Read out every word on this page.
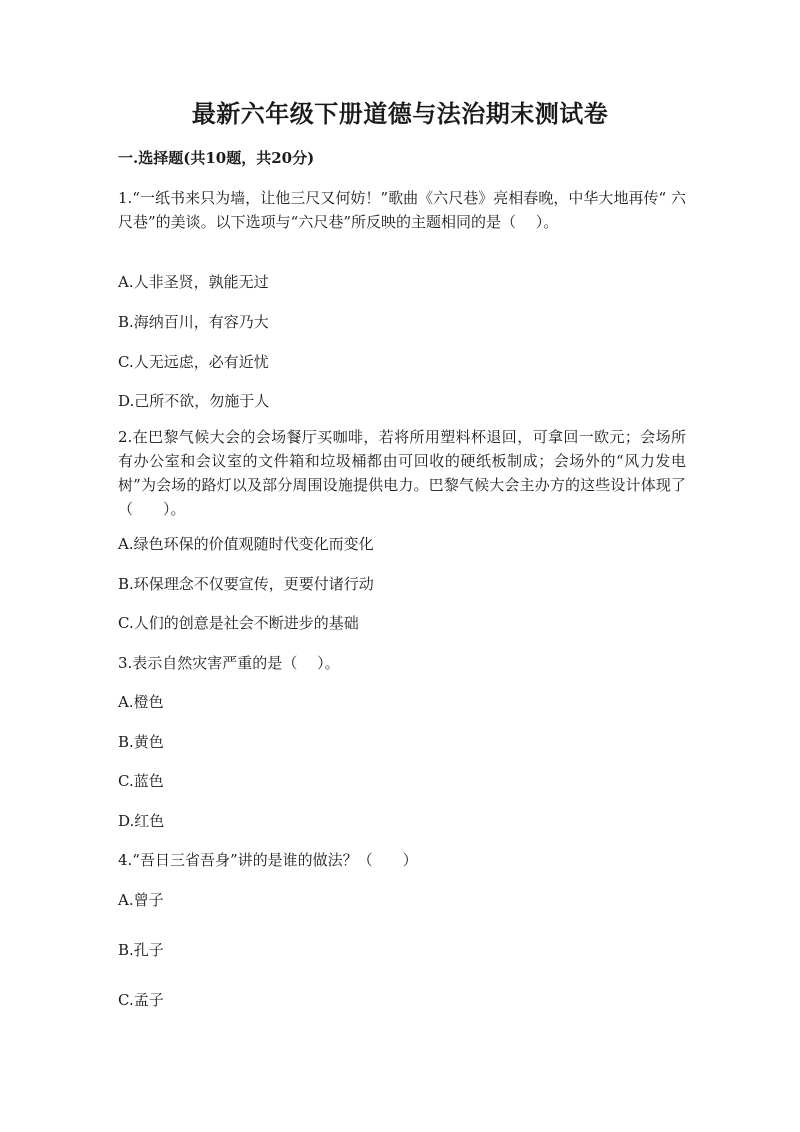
最新六年级下册道德与法治期末测试卷
一.选择题(共10题，共20分)
1.“一纸书来只为墙，让他三尺又何妨！”歌曲《六尺巷》亮相春晚，中华大地再传“ 六尺巷”的美谈。以下选项与“六尺巷”所反映的主题相同的是（　 ）。
A.人非圣贤，孰能无过
B.海纳百川，有容乃大
C.人无远虑，必有近忧
D.己所不欲，勿施于人
2.在巴黎气候大会的会场餐厅买咖啡，若将所用塑料杯退回，可拿回一欧元；会场所有办公室和会议室的文件箱和垃圾桶都由可回收的硬纸板制成；会场外的“风力发电树”为会场的路灯以及部分周围设施提供电力。巴黎气候大会主办方的这些设计体现了（　　）。
A.绿色环保的价值观随时代变化而变化
B.环保理念不仅要宣传，更要付诸行动
C.人们的创意是社会不断进步的基础
3.表示自然灾害严重的是（　 ）。
A.橙色
B.黄色
C.蓝色
D.红色
4.“吾日三省吾身”讲的是谁的做法？（　　）
A.曾子
B.孔子
C.孟子
